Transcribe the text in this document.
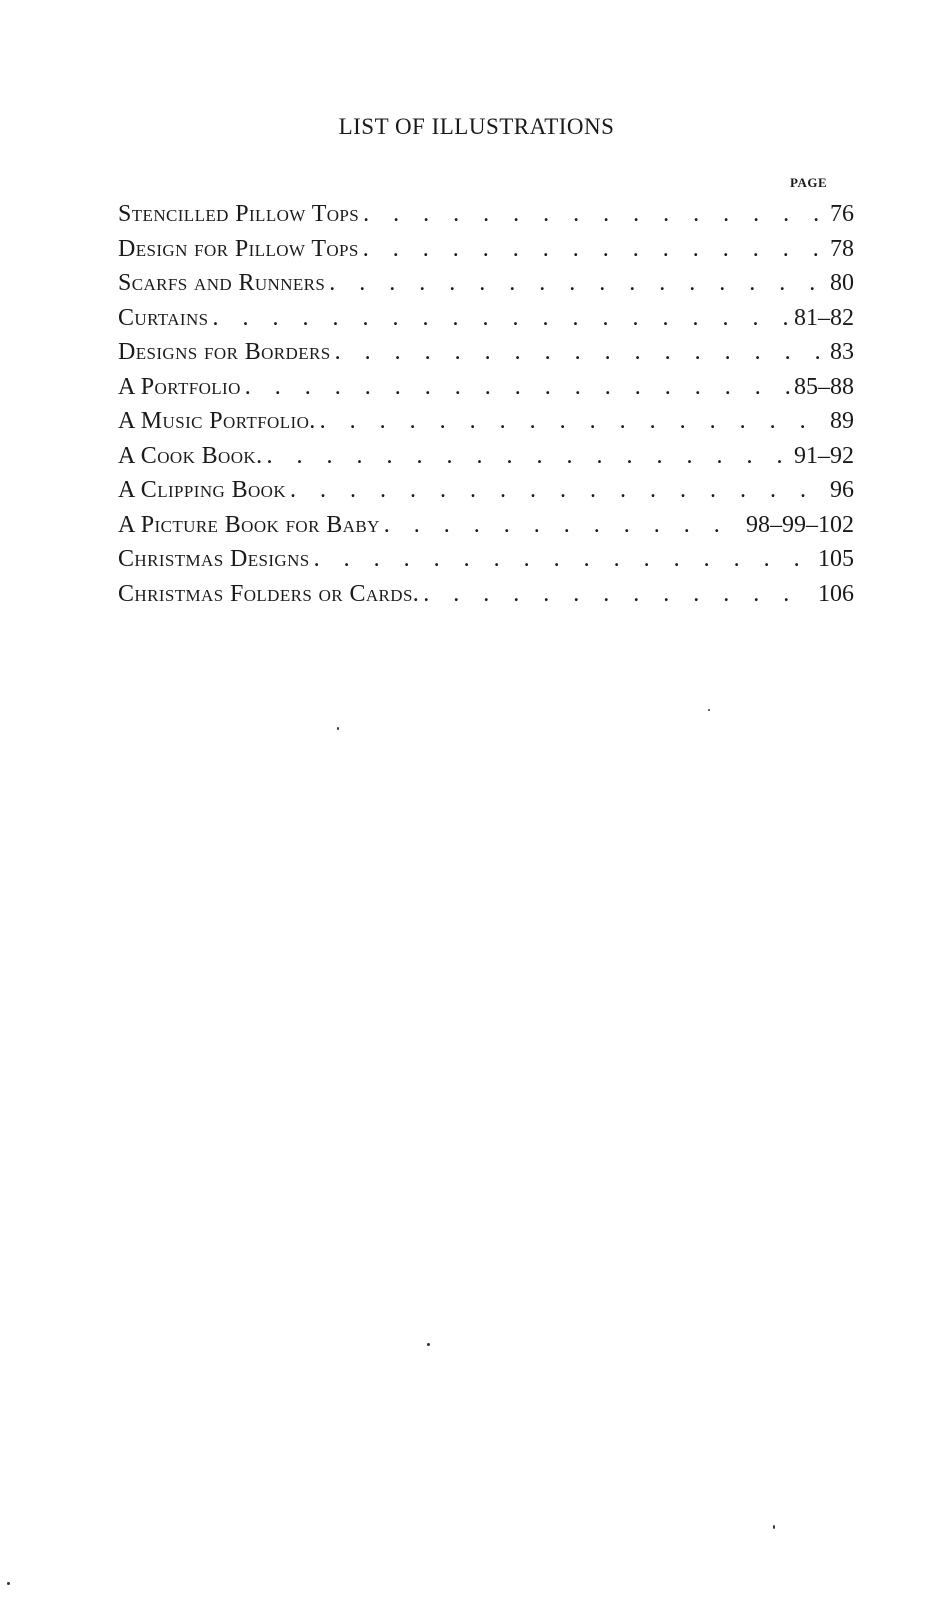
LIST OF ILLUSTRATIONS
PAGE
Stencilled Pillow Tops . . .	76
Design for Pillow Tops . . .	78
Scarfs and Runners . . .	80
Curtains . . .	81–82
Designs for Borders . . .	83
A Portfolio . . .	85–88
A Music Portfolio. . . .	89
A Cook Book. . . .	91–92
A Clipping Book . . .	96
A Picture Book for Baby . . .	98–99–102
Christmas Designs . . .	105
Christmas Folders or Cards. . . .	106
